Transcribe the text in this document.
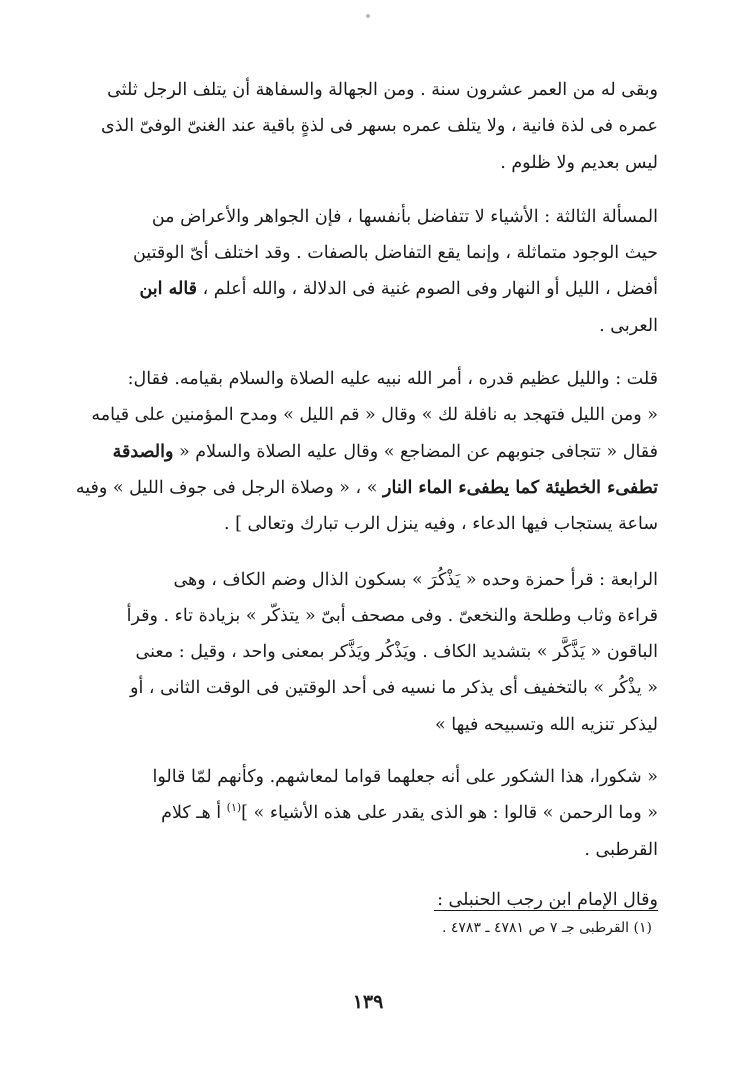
وبقى له من العمر عشرون سنة . ومن الجهالة والسفاهة أن يتلف الرجل ثلثى
عمره فى لذة فانية ، ولا يتلف عمره بسهر فى لذةٍ باقية عند الغنىّ الوفىّ الذى
ليس بعديم ولا ظلوم .

المسألة الثالثة : الأشياء لا تتفاضل بأنفسها ، فإن الجواهر والأعراض من
حيث الوجود متماثلة ، وإنما يقع التفاضل بالصفات . وقد اختلف أىّ الوقتين
أفضل ، الليل أو النهار وفى الصوم غنية فى الدلالة ، والله أعلم ، قاله ابن
العربى .

قلت : والليل عظيم قدره ، أمر الله نبيه عليه الصلاة والسلام بقيامه. فقال:
« ومن الليل فتهجد به نافلة لك » وقال « قم الليل » ومدح المؤمنين على قيامه
فقال « تتجافى جنوبهم عن المضاجع » وقال عليه الصلاة والسلام « والصدقة
تطفىء الخطيئة كما يطفىء الماء النار » ، « وصلاة الرجل فى جوف الليل » وفيه
ساعة يستجاب فيها الدعاء ، وفيه ينزل الرب تبارك وتعالى ] .

الرابعة : قرأ حمزة وحده « يَذْكُرَ » بسكون الذال وضم الكاف ، وهى
قراءة وثاب وطلحة والنخعىّ . وفى مصحف أبىّ « يتذكّر » بزيادة تاء . وقرأ
الباقون « يَذَّكَّر » بتشديد الكاف . ويَذْكُر ويَذَّكر بمعنى واحد ، وقيل : معنى
« يذْكُر » بالتخفيف أى يذكر ما نسيه فى أحد الوقتين فى الوقت الثانى ، أو
ليذكر تنزيه الله وتسبيحه فيها »

« شكورا، هذا الشكور على أنه جعلهما قواما لمعاشهم. وكأنهم لمّا قالوا
« وما الرحمن » قالوا : هو الذى يقدر على هذه الأشياء » ]$^{(١)}$ أ هـ كلام
القرطبى .

وقال الإمام ابن رجب الحنبلى :

(١) القرطبى جـ ٧ ص ٤٧٨١ ـ ٤٧٨٣ .
١٣٩
